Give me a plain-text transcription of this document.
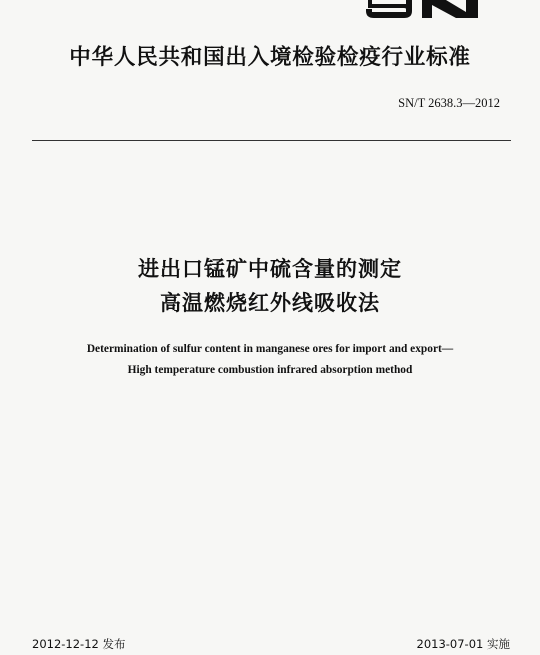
中华人民共和国出入境检验检疫行业标准
SN/T 2638.3—2012
进出口锰矿中硫含量的测定
高温燃烧红外线吸收法
Determination of sulfur content in manganese ores for import and export—
High temperature combustion infrared absorption method
2012-12-12 发布	2013-07-01 实施
